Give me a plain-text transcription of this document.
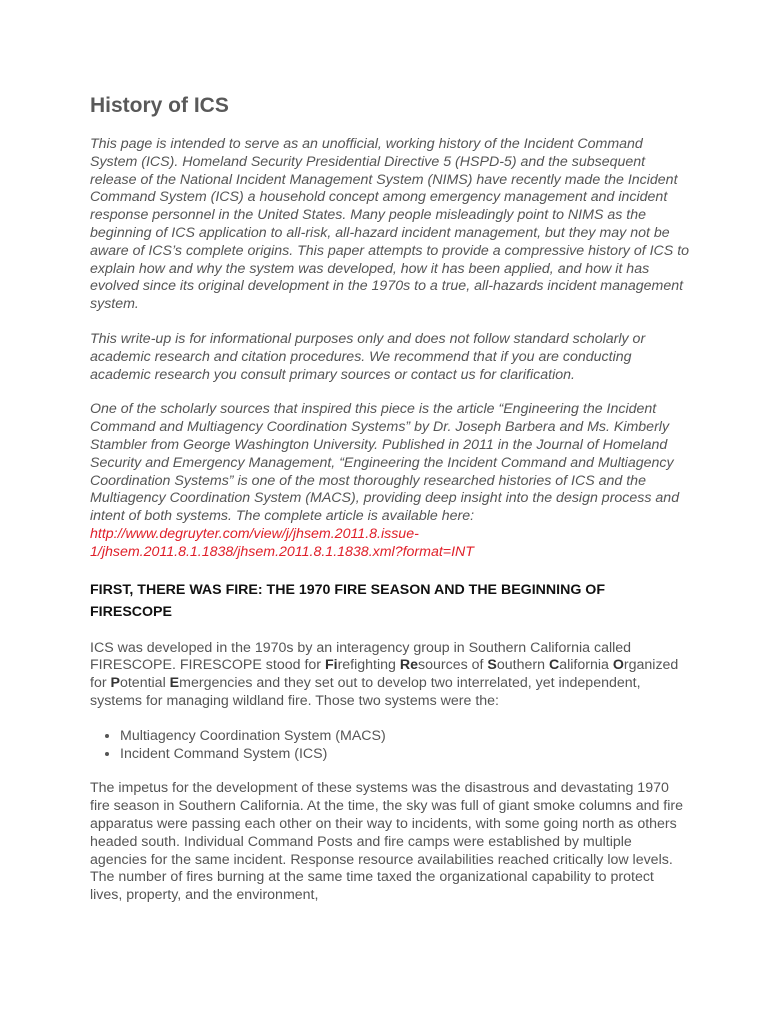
History of ICS

This page is intended to serve as an unofficial, working history of the Incident Command System (ICS). Homeland Security Presidential Directive 5 (HSPD-5) and the subsequent release of the National Incident Management System (NIMS) have recently made the Incident Command System (ICS) a household concept among emergency management and incident response personnel in the United States. Many people misleadingly point to NIMS as the beginning of ICS application to all-risk, all-hazard incident management, but they may not be aware of ICS’s complete origins. This paper attempts to provide a compressive history of ICS to explain how and why the system was developed, how it has been applied, and how it has evolved since its original development in the 1970s to a true, all-hazards incident management system.

This write-up is for informational purposes only and does not follow standard scholarly or academic research and citation procedures. We recommend that if you are conducting academic research you consult primary sources or contact us for clarification.

One of the scholarly sources that inspired this piece is the article “Engineering the Incident Command and Multiagency Coordination Systems” by Dr. Joseph Barbera and Ms. Kimberly Stambler from George Washington University. Published in 2011 in the Journal of Homeland Security and Emergency Management, “Engineering the Incident Command and Multiagency Coordination Systems” is one of the most thoroughly researched histories of ICS and the Multiagency Coordination System (MACS), providing deep insight into the design process and intent of both systems. The complete article is available here: http://www.degruyter.com/view/j/jhsem.2011.8.issue-1/jhsem.2011.8.1.1838/jhsem.2011.8.1.1838.xml?format=INT

FIRST, THERE WAS FIRE: THE 1970 FIRE SEASON AND THE BEGINNING OF FIRESCOPE

ICS was developed in the 1970s by an interagency group in Southern California called FIRESCOPE. FIRESCOPE stood for Firefighting Resources of Southern California Organized for Potential Emergencies and they set out to develop two interrelated, yet independent, systems for managing wildland fire. Those two systems were the:

• Multiagency Coordination System (MACS)
• Incident Command System (ICS)

The impetus for the development of these systems was the disastrous and devastating 1970 fire season in Southern California. At the time, the sky was full of giant smoke columns and fire apparatus were passing each other on their way to incidents, with some going north as others headed south. Individual Command Posts and fire camps were established by multiple agencies for the same incident. Response resource availabilities reached critically low levels. The number of fires burning at the same time taxed the organizational capability to protect lives, property, and the environment,
